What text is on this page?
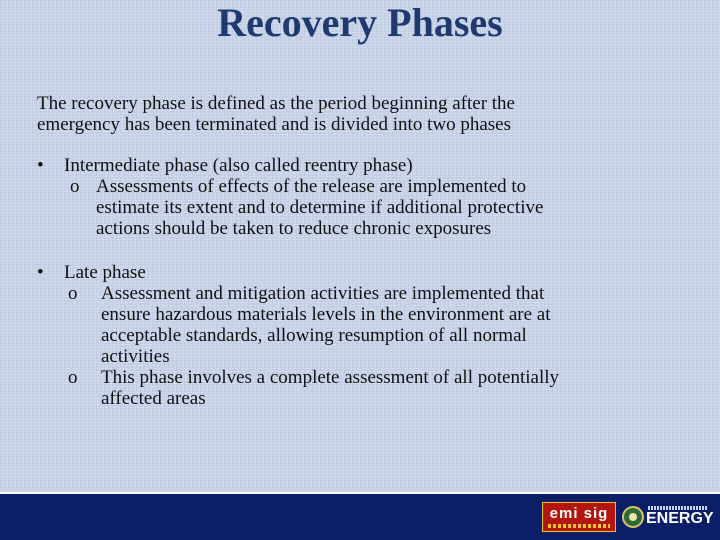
Recovery Phases
The recovery phase is defined as the period beginning after the
emergency has been terminated and is divided into two phases
• Intermediate phase (also called reentry phase)
o Assessments of effects of the release are implemented to
estimate its extent and to determine if additional protective
actions should be taken to reduce chronic exposures
• Late phase
o Assessment and mitigation activities are implemented that
ensure hazardous materials levels in the environment are at
acceptable standards, allowing resumption of all normal
activities
o This phase involves a complete assessment of all potentially
affected areas
emi sig ENERGY
